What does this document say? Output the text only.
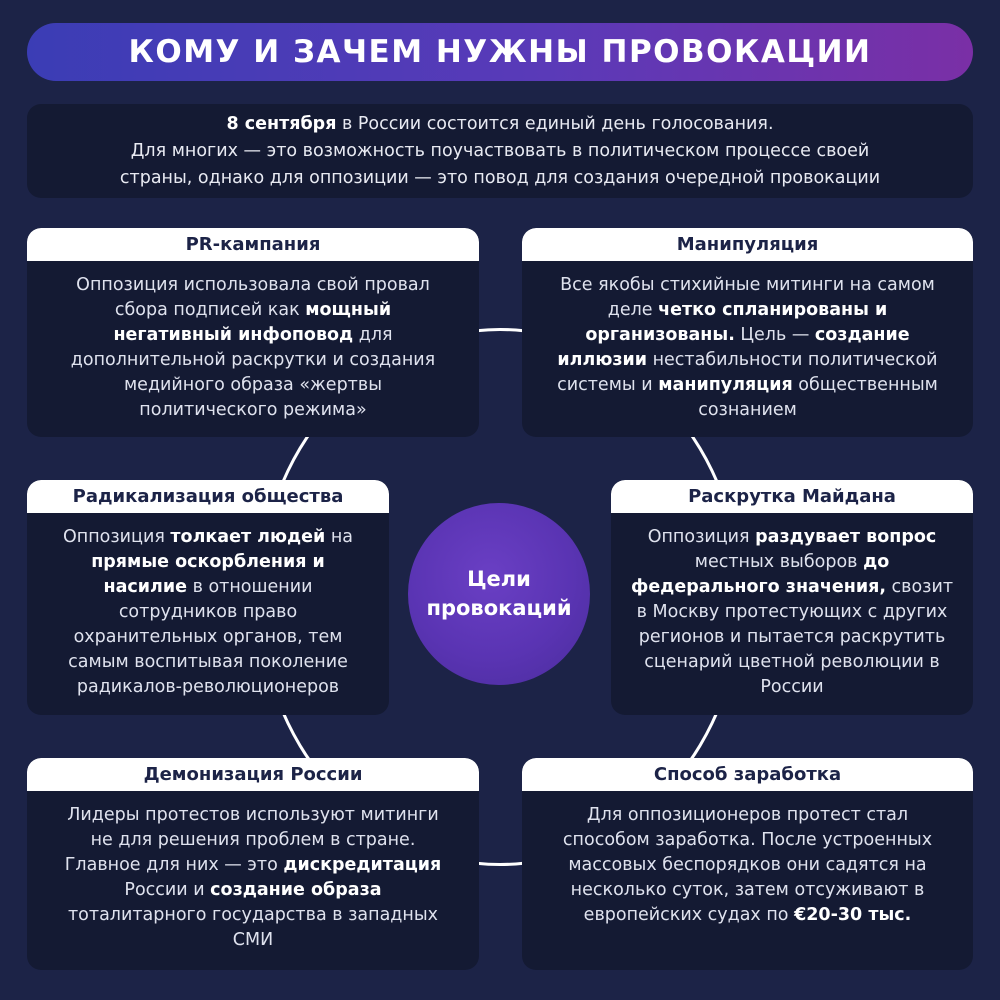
КОМУ И ЗАЧЕМ НУЖНЫ ПРОВОКАЦИИ
8 сентября в России состоится единый день голосования.
Для многих — это возможность поучаствовать в политическом процессе своей
страны, однако для оппозиции — это повод для создания очередной провокации
PR-кампания
Оппозиция использовала свой провал сбора подписей как мощный негативный инфоповод для дополнительной раскрутки и создания медийного образа «жертвы политического режима»
Манипуляция
Все якобы стихийные митинги на самом деле четко спланированы и организованы. Цель — создание иллюзии нестабильности политической системы и манипуляция общественным сознанием
Радикализация общества
Оппозиция толкает людей на прямые оскорбления и насилие в отношении сотрудников право охранительных органов, тем самым воспитывая поколение радикалов-революционеров
Раскрутка Майдана
Оппозиция раздувает вопрос местных выборов до федерального значения, свозит в Москву протестующих с других регионов и пытается раскрутить сценарий цветной революции в России
Демонизация России
Лидеры протестов используют митинги не для решения проблем в стране. Главное для них — это дискредитация России и создание образа тоталитарного государства в западных СМИ
Способ заработка
Для оппозиционеров протест стал способом заработка. После устроенных массовых беспорядков они садятся на несколько суток, затем отсуживают в европейских судах по €20-30 тыс.
Цели
провокаций
